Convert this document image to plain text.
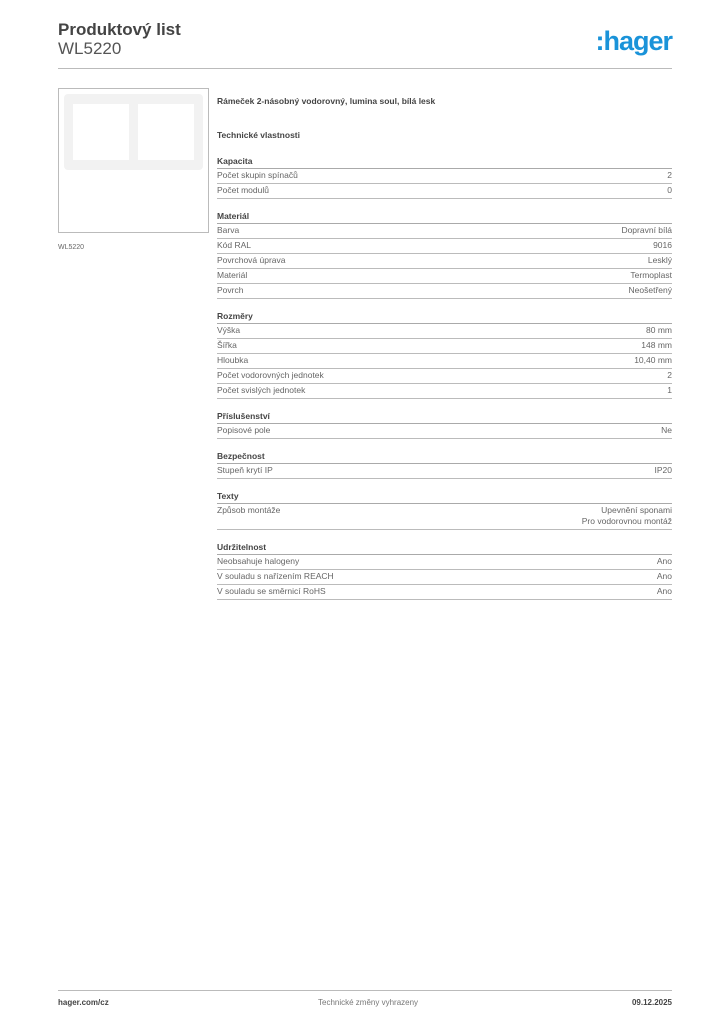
Produktový list
WL5220	:hager
WL5220
Rámeček 2-násobný vodorovný, lumina soul, bílá lesk
Technické vlastnosti
Kapacita
Počet skupin spínačů	2
Počet modulů	0
Materiál
Barva	Dopravní bílá
Kód RAL	9016
Povrchová úprava	Lesklý
Materiál	Termoplast
Povrch	Neošetřený
Rozměry
Výška	80 mm
Šířka	148 mm
Hloubka	10,40 mm
Počet vodorovných jednotek	2
Počet svislých jednotek	1
Příslušenství
Popisové pole	Ne
Bezpečnost
Stupeň krytí IP	IP20
Texty
Způsob montáže	Upevnění sponami
Pro vodorovnou montáž
Udržitelnost
Neobsahuje halogeny	Ano
V souladu s nařízením REACH	Ano
V souladu se směrnicí RoHS	Ano
hager.com/cz	Technické změny vyhrazeny	09.12.2025
